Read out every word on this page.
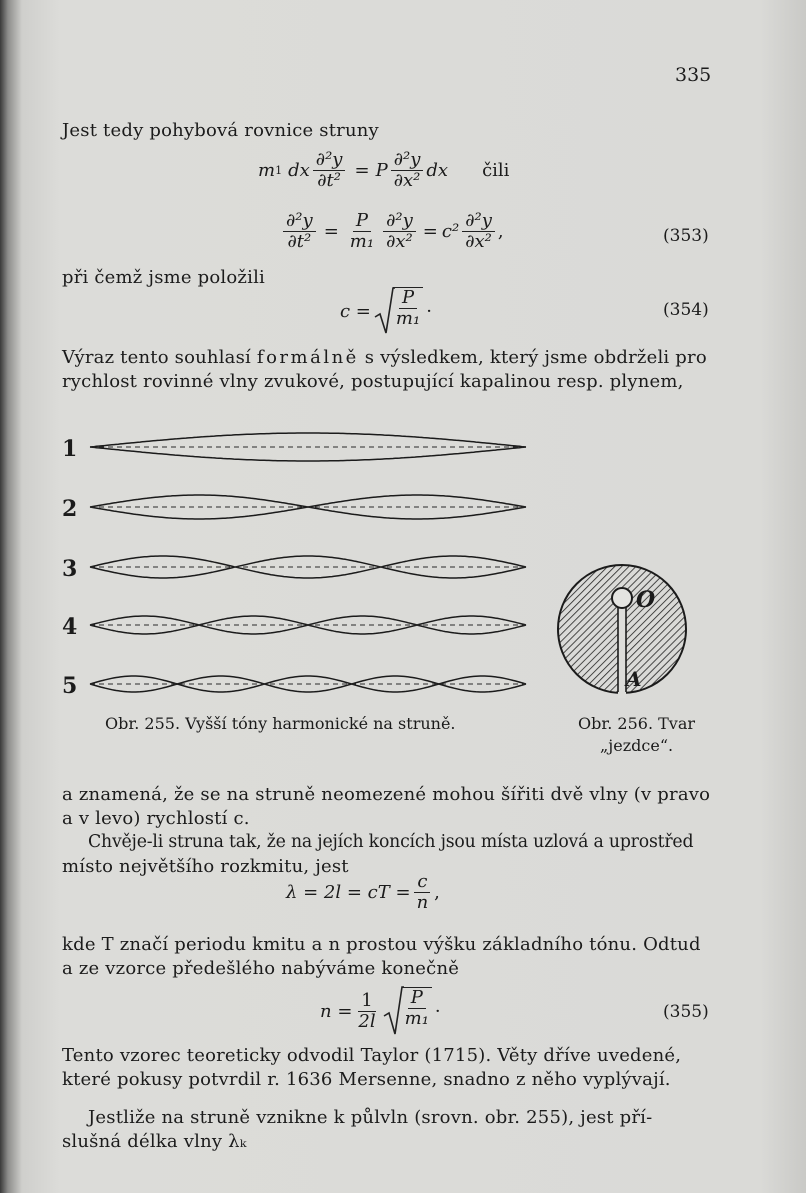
335
Jest tedy pohybová rovnice struny
m 1 dx $\frac{\text{∂²y}}{\text{∂t²}} = P \frac{\text{∂²y}}{\text{∂x²}}$ dx čili
$\frac{\text{∂²y}}{\text{∂t²}} = \frac{P}{\text{m₁}} \frac{\text{∂²y}}{\text{∂x²}} = c^2 \frac{\text{∂²y}}{\text{∂x²}}$ ,	(353)
při čemž jsme položili
$c = \frac{P}{\text{m₁}}$ ·	(354)
Výraz tento souhlasí formálně s výsledkem, který jsme obdrželi pro
rychlost rovinné vlny zvukové, postupující kapalinou resp. plynem,
1
2
3
4
5
Obr. 255. Vyšší tóny harmonické na struně.
O
A
Obr. 256. Tvar
„jezdce“.
a znamená, že se na struně neomezené mohou šířiti dvě vlny (v pravo
a v levo) rychlostí c.
Chvěje-li struna tak, že na jejích koncích jsou místa uzlová a uprostřed
místo největšího rozkmitu, jest
λ = 2l = cT = $\frac{c}{n}$ ,
kde T značí periodu kmitu a n prostou výšku základního tónu. Odtud
a ze vzorce předešlého nabýváme konečně
$n = \frac{1}{2l} \frac{P}{\text{m₁}}$ ·	(355)
Tento vzorec teoreticky odvodil Taylor (1715). Věty dříve uvedené,
které pokusy potvrdil r. 1636 Mersenne, snadno z něho vyplývají.
Jestliže na struně vznikne k půlvln (srovn. obr. 255), jest pří-
slušná délka vlny λₖ
